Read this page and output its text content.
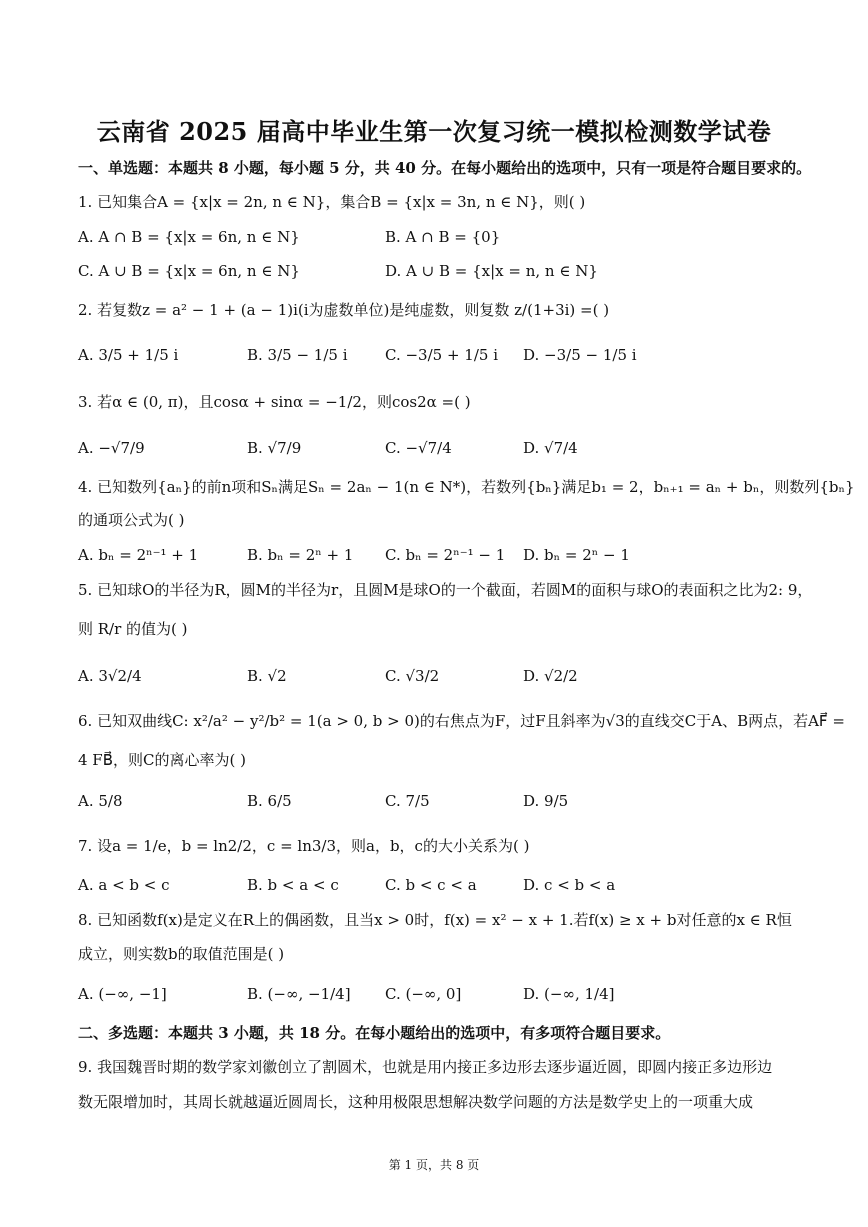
云南省 2025 届高中毕业生第一次复习统一模拟检测数学试卷
一、单选题：本题共 8 小题，每小题 5 分，共 40 分。在每小题给出的选项中，只有一项是符合题目要求的。
1. 已知集合A = {x|x = 2n, n ∈ N}，集合B = {x|x = 3n, n ∈ N}，则( )
A. A ∩ B = {x|x = 6n, n ∈ N}	B. A ∩ B = {0}
C. A ∪ B = {x|x = 6n, n ∈ N}	D. A ∪ B = {x|x = n, n ∈ N}
2. 若复数z = a² − 1 + (a − 1)i(i为虚数单位)是纯虚数，则复数 z/(1+3i) =( )
A. 3/5 + 1/5 i	B. 3/5 − 1/5 i C. −3/5 + 1/5 i D. −3/5 − 1/5 i
3. 若α ∈ (0, π)，且cosα + sinα = −1/2，则cos2α =( )
A. −√7/9	B. √7/9	C. −√7/4	D. √7/4
4. 已知数列{aₙ}的前n项和Sₙ满足Sₙ = 2aₙ − 1(n ∈ N*)，若数列{bₙ}满足b₁ = 2，bₙ₊₁ = aₙ + bₙ，则数列{bₙ}
的通项公式为( )
A. bₙ = 2ⁿ⁻¹ + 1	B. bₙ = 2ⁿ + 1 C. bₙ = 2ⁿ⁻¹ − 1 D. bₙ = 2ⁿ − 1
5. 已知球O的半径为R，圆M的半径为r，且圆M是球O的一个截面，若圆M的面积与球O的表面积之比为2: 9，
则 R/r 的值为( )
A. 3√2/4	B. √2	C. √3/2	D. √2/2
6. 已知双曲线C: x²/a² − y²/b² = 1(a > 0, b > 0)的右焦点为F，过F且斜率为√3的直线交C于A、B两点，若AF⃗ =
4 FB⃗，则C的离心率为( )
A. 5/8	B. 6/5	C. 7/5	D. 9/5
7. 设a = 1/e，b = ln2/2，c = ln3/3，则a，b，c的大小关系为( )
A. a < b < c	B. b < a < c	C. b < c < a	D. c < b < a
8. 已知函数f(x)是定义在R上的偶函数，且当x > 0时，f(x) = x² − x + 1.若f(x) ≥ x + b对任意的x ∈ R恒
成立，则实数b的取值范围是( )
A. (−∞, −1]	B. (−∞, −1/4] C. (−∞, 0]	D. (−∞, 1/4]
二、多选题：本题共 3 小题，共 18 分。在每小题给出的选项中，有多项符合题目要求。
9. 我国魏晋时期的数学家刘徽创立了割圆术，也就是用内接正多边形去逐步逼近圆，即圆内接正多边形边
数无限增加时，其周长就越逼近圆周长，这种用极限思想解决数学问题的方法是数学史上的一项重大成
第 1 页，共 8 页
